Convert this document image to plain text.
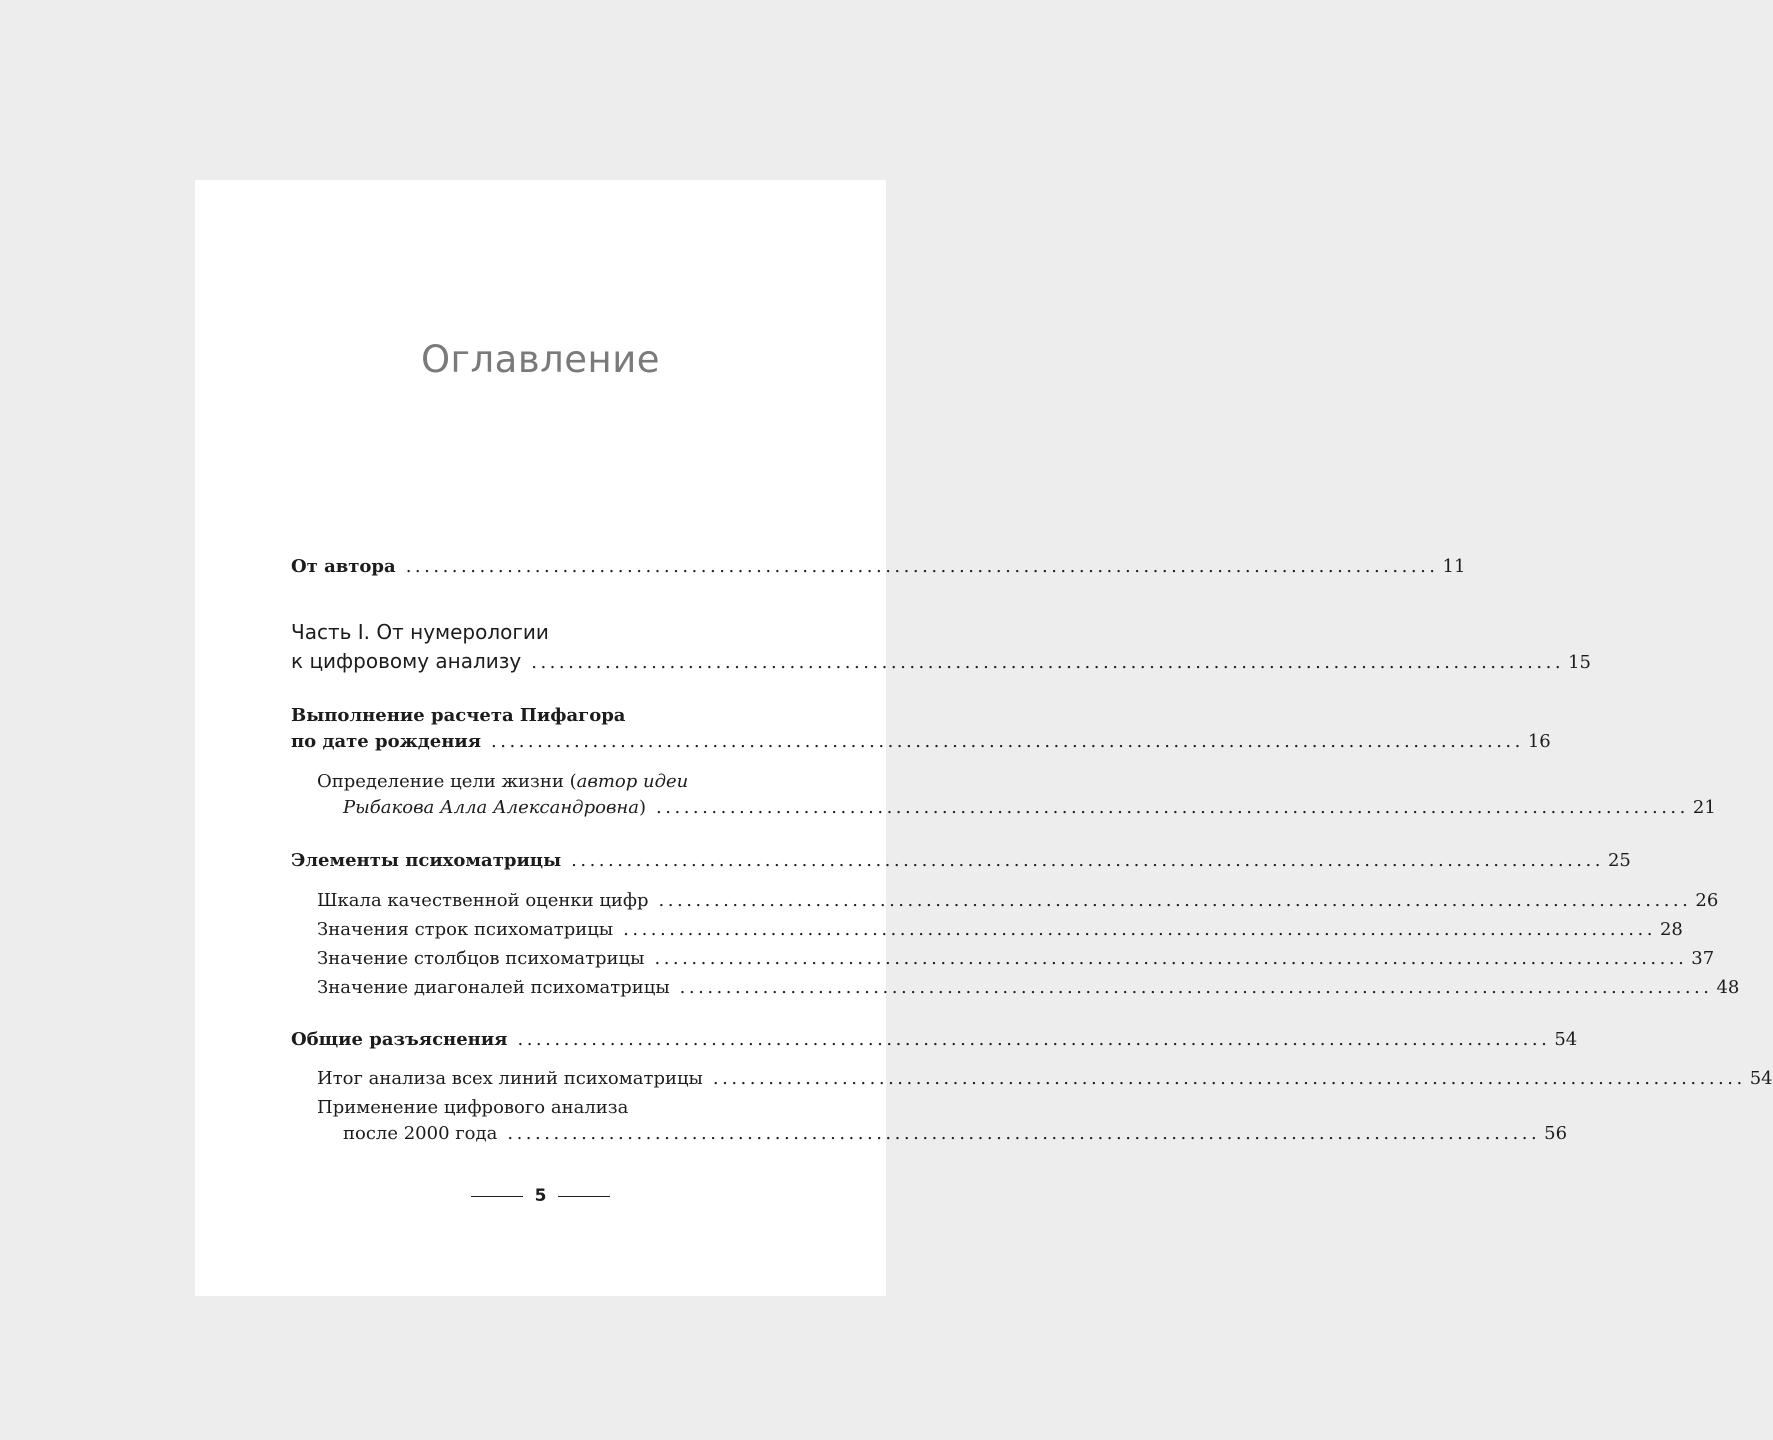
Оглавление
От автора ................................................................................................................ 11
Часть I. От нумерологии
к цифровому анализу ................................................................................................................ 15
Выполнение расчета Пифагора
по дате рождения ................................................................................................................ 16
Определение цели жизни ( автор идеи
Рыбакова Алла Александровна ) ................................................................................................................ 21
Элементы психоматрицы ................................................................................................................ 25
Шкала качественной оценки цифр ................................................................................................................ 26
Значения строк психоматрицы ................................................................................................................ 28
Значение столбцов психоматрицы ................................................................................................................ 37
Значение диагоналей психоматрицы ................................................................................................................ 48
Общие разъяснения ................................................................................................................ 54
Итог анализа всех линий психоматрицы ................................................................................................................ 54
Применение цифрового анализа
после 2000 года ................................................................................................................ 56
5
